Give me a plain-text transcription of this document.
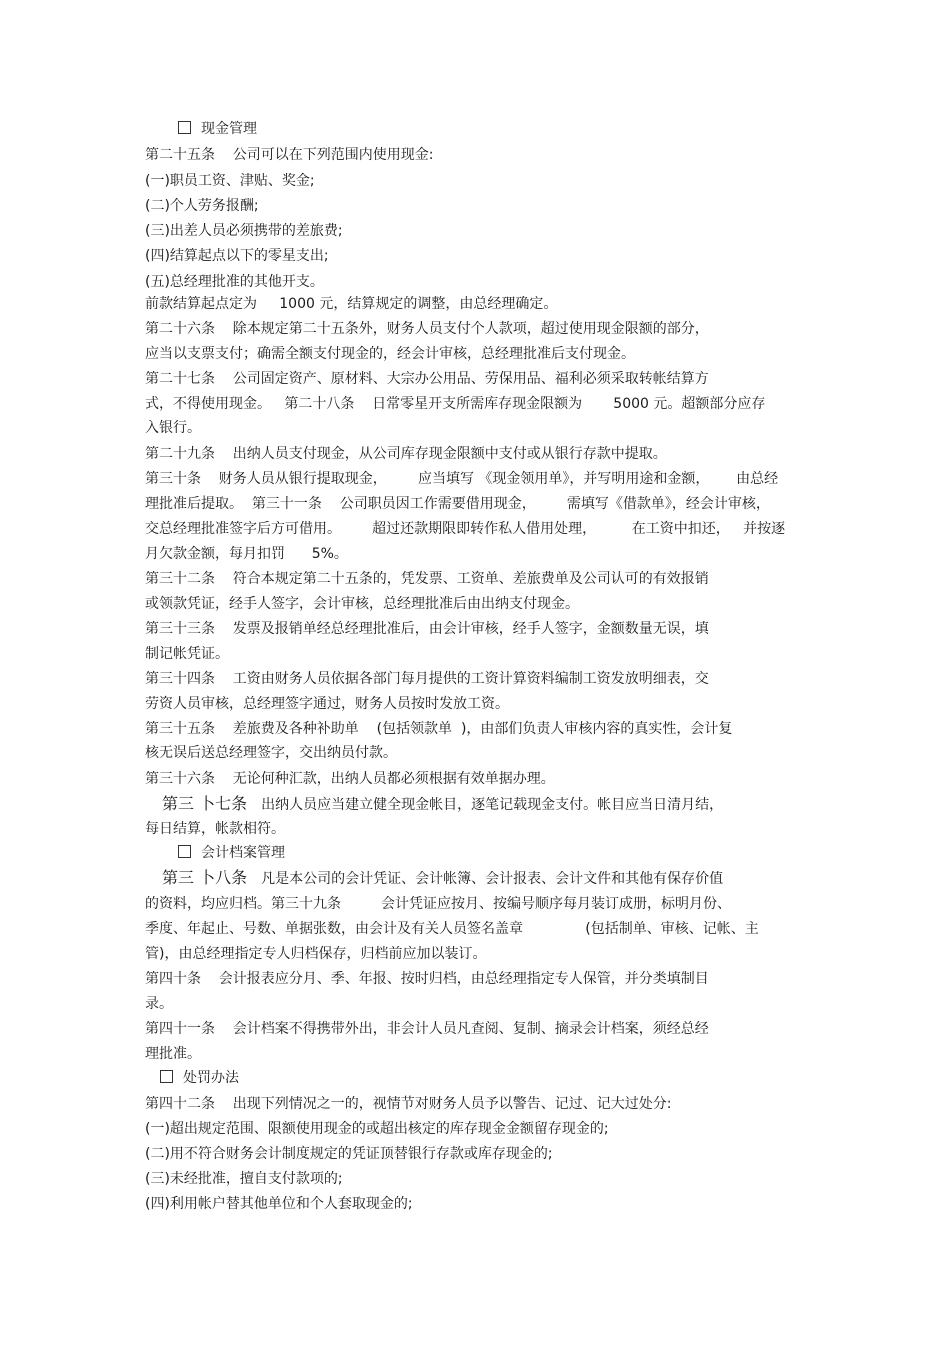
现金管理
第二十五条    公司可以在下列范围内使用现金:
(一)职员工资、津贴、奖金;
(二)个人劳务报酬;
(三)出差人员必须携带的差旅费;
(四)结算起点以下的零星支出;
(五)总经理批准的其他开支。
前款结算起点定为     1000 元，结算规定的调整，由总经理确定。
第二十六条    除本规定第二十五条外，财务人员支付个人款项，超过使用现金限额的部分，
应当以支票支付；确需全额支付现金的，经会计审核，总经理批准后支付现金。
第二十七条    公司固定资产、原材料、大宗办公用品、劳保用品、福利必须采取转帐结算方
式，不得使用现金。   第二十八条    日常零星开支所需库存现金限额为       5000 元。超额部分应存
入银行。
第二十九条    出纳人员支付现金，从公司库存现金限额中支付或从银行存款中提取。
第三十条    财务人员从银行提取现金，       应当填写 《现金领用单》，并写明用途和金额，      由总经
理批准后提取。  第三十一条    公司职员因工作需要借用现金，       需填写《借款单》，经会计审核，
交总经理批准签字后方可借用。       超过还款期限即转作私人借用处理，        在工资中扣还，   并按逐
月欠款金额，每月扣罚      5%。
第三十二条    符合本规定第二十五条的，凭发票、工资单、差旅费单及公司认可的有效报销
或领款凭证，经手人签字，会计审核，总经理批准后由出纳支付现金。
第三十三条    发票及报销单经总经理批准后，由会计审核，经手人签字，金额数量无误，填
制记帐凭证。
第三十四条    工资由财务人员依据各部门每月提供的工资计算资料编制工资发放明细表，交
劳资人员审核，总经理签字通过，财务人员按时发放工资。
第三十五条    差旅费及各种补助单    (包括领款单  )，由部们负责人审核内容的真实性，会计复
核无误后送总经理签字，交出纳员付款。
第三十六条    无论何种汇款，出纳人员都必须根据有效单据办理。
第三 卜七条 出纳人员应当建立健全现金帐目，逐笔记载现金支付。帐目应当日清月结，
每日结算，帐款相符。
会计档案管理
第三 卜八条 凡是本公司的会计凭证、会计帐簿、会计报表、会计文件和其他有保存价值
的资料，均应归档。第三十九条         会计凭证应按月、按编号顺序每月装订成册，标明月份、
季度、年起止、号数、单据张数，由会计及有关人员签名盖章              (包括制单、审核、记帐、主
管)，由总经理指定专人归档保存，归档前应加以装订。
第四十条    会计报表应分月、季、年报、按时归档，由总经理指定专人保管，并分类填制目
录。
第四十一条    会计档案不得携带外出，非会计人员凡查阅、复制、摘录会计档案，须经总经
理批准。
处罚办法
第四十二条    出现下列情况之一的，视情节对财务人员予以警告、记过、记大过处分:
(一)超出规定范围、限额使用现金的或超出核定的库存现金金额留存现金的;
(二)用不符合财务会计制度规定的凭证顶替银行存款或库存现金的;
(三)未经批准，擅自支付款项的;
(四)利用帐户替其他单位和个人套取现金的;
